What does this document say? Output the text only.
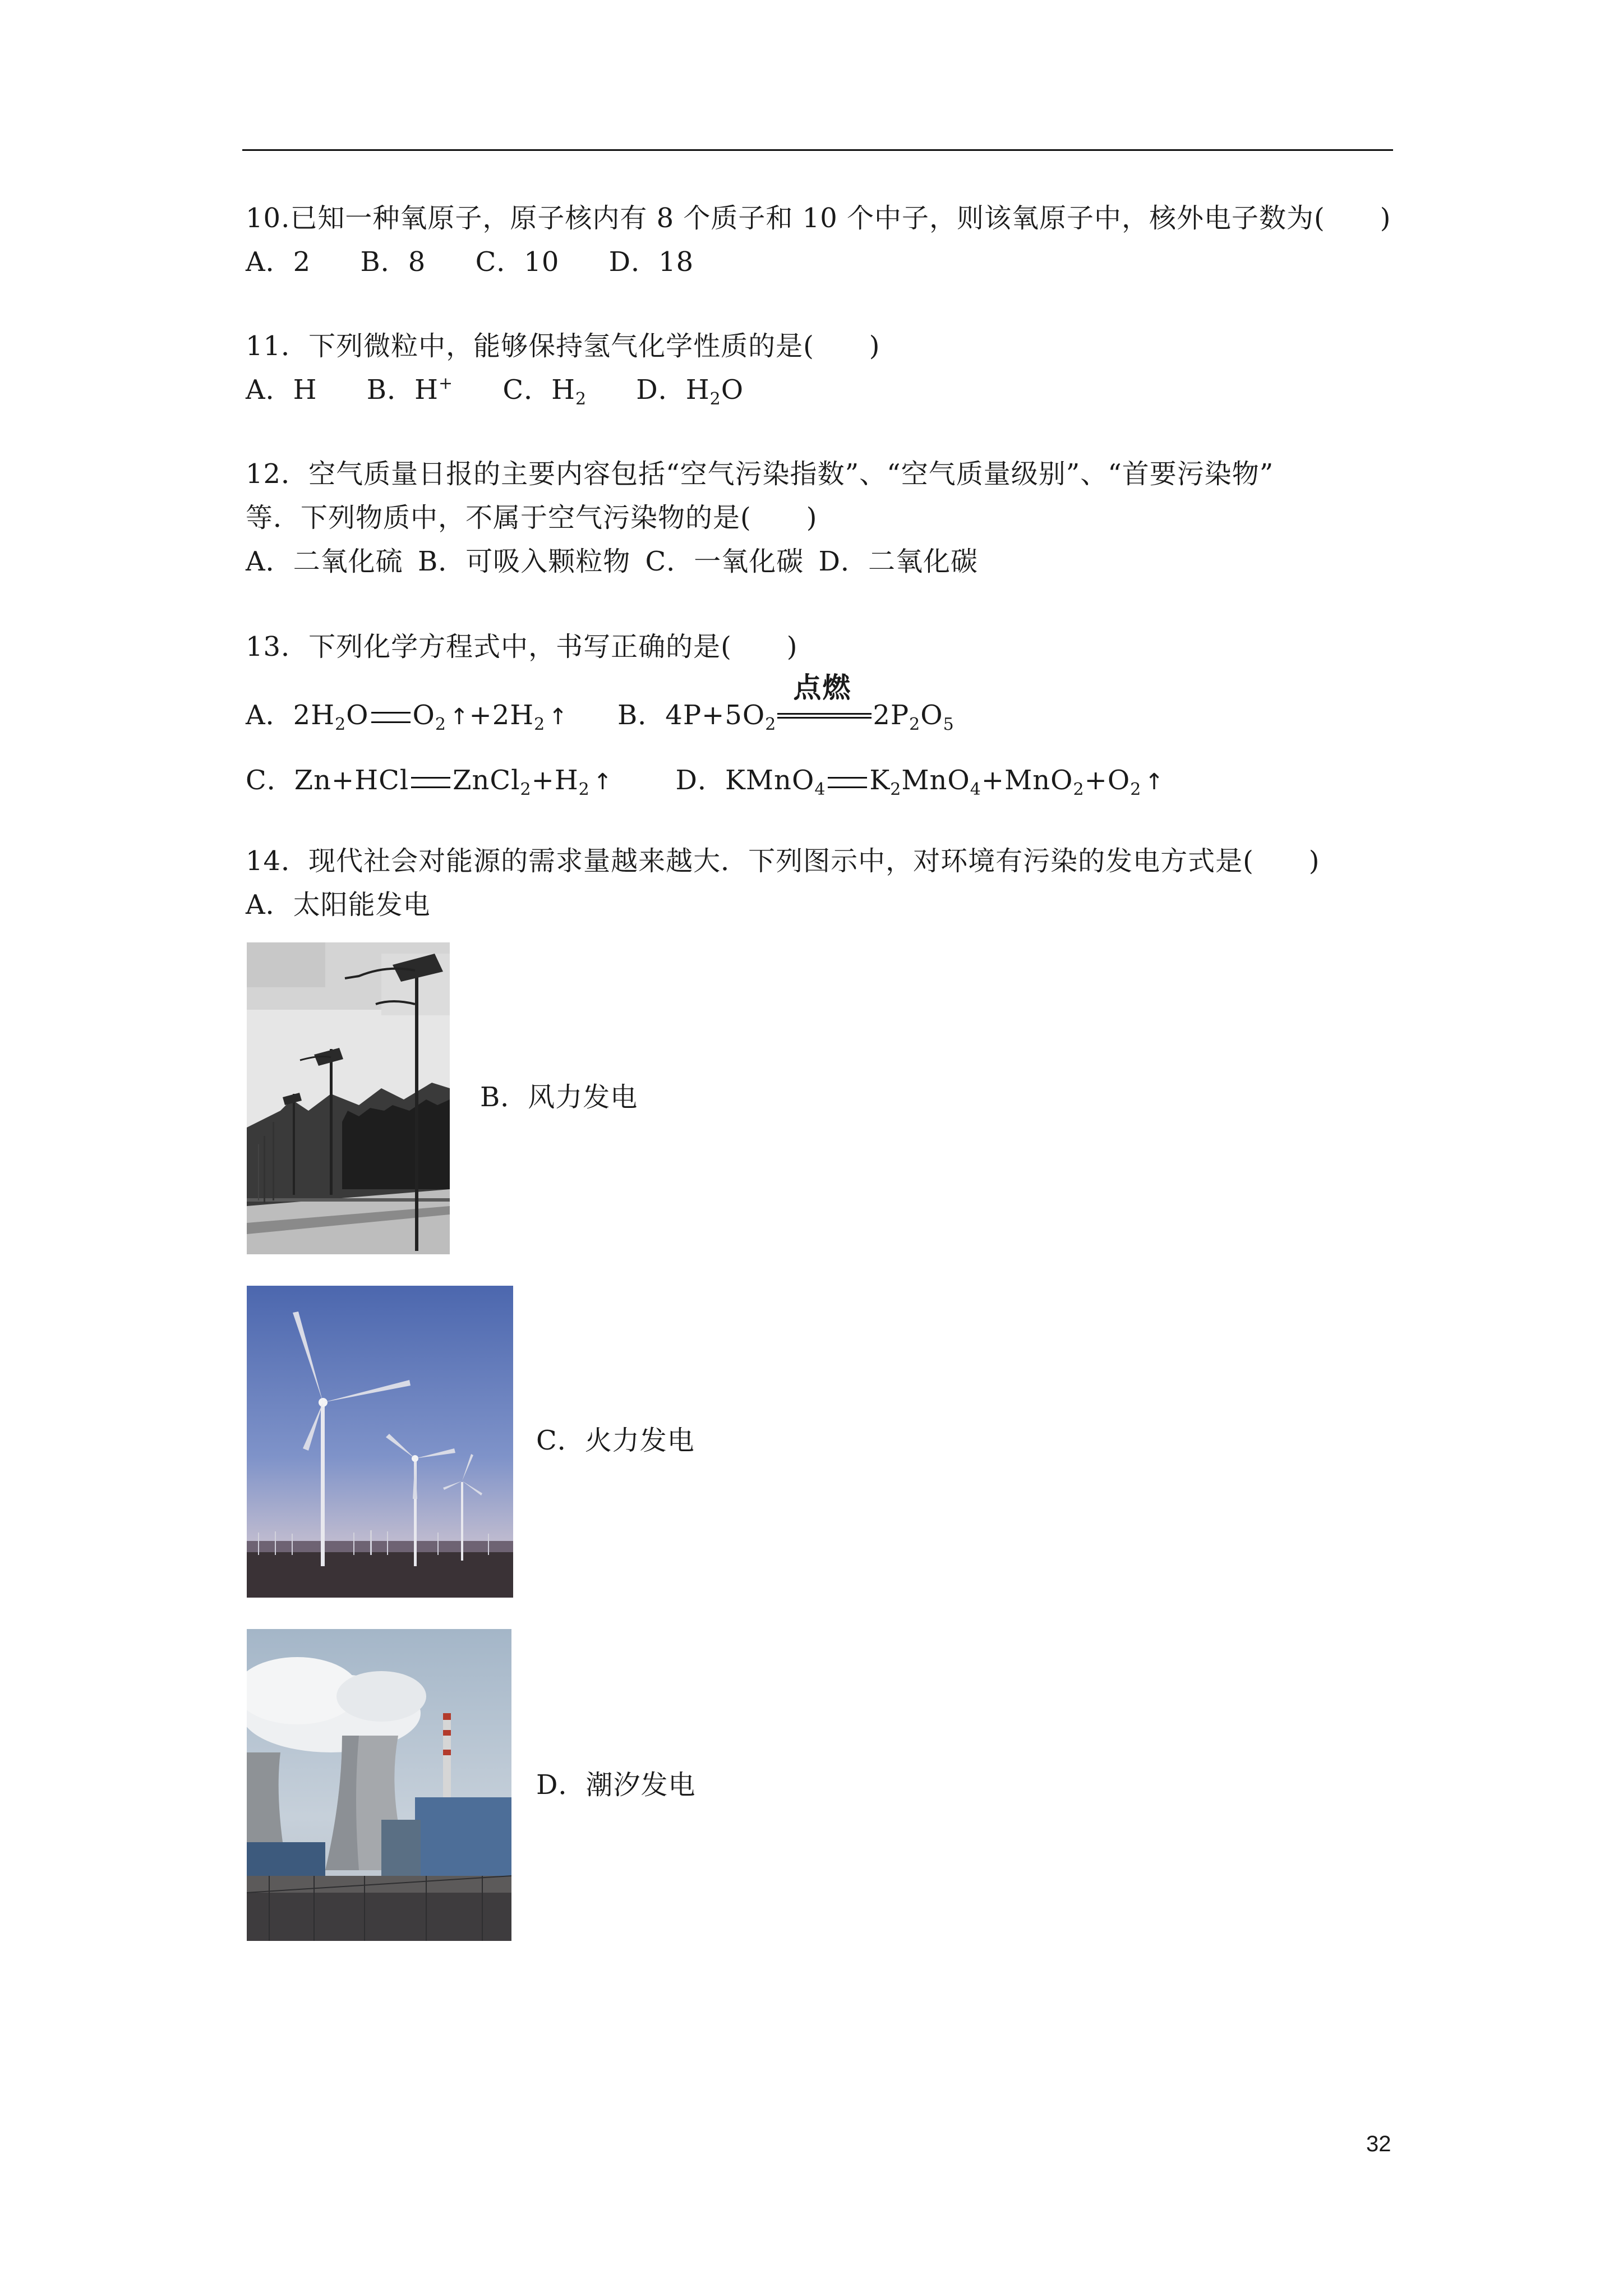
10.已知一种氧原子，原子核内有 8 个质子和 10 个中子，则该氧原子中，核外电子数为(　　)
A．2 B．8 C．10 D．18
11．下列微粒中，能够保持氢气化学性质的是(　　)
A．H B．H+ C．$H_2$ D．$H_2O$
12．空气质量日报的主要内容包括“空气污染指数”、“空气质量级别”、“首要污染物”
等．下列物质中，不属于空气污染物的是(　　)
A．二氧化硫 B．可吸入颗粒物 C．一氧化碳 D．二氧化碳
13．下列化学方程式中，书写正确的是(　　)
A．$2H_2O$ $O_2$ $↑+2H_2$ ↑ B．$4P+5O_2$
点燃
$2P_2O_5$
C．Zn+HCl $ZnCl_2+H_2$ ↑ D．KMnO$_4$ $K_2MnO_4+MnO_2+O_2$ ↑
14．现代社会对能源的需求量越来越大．下列图示中，对环境有污染的发电方式是(　　)
A．太阳能发电
B．风力发电
C．火力发电
D．潮汐发电
32
